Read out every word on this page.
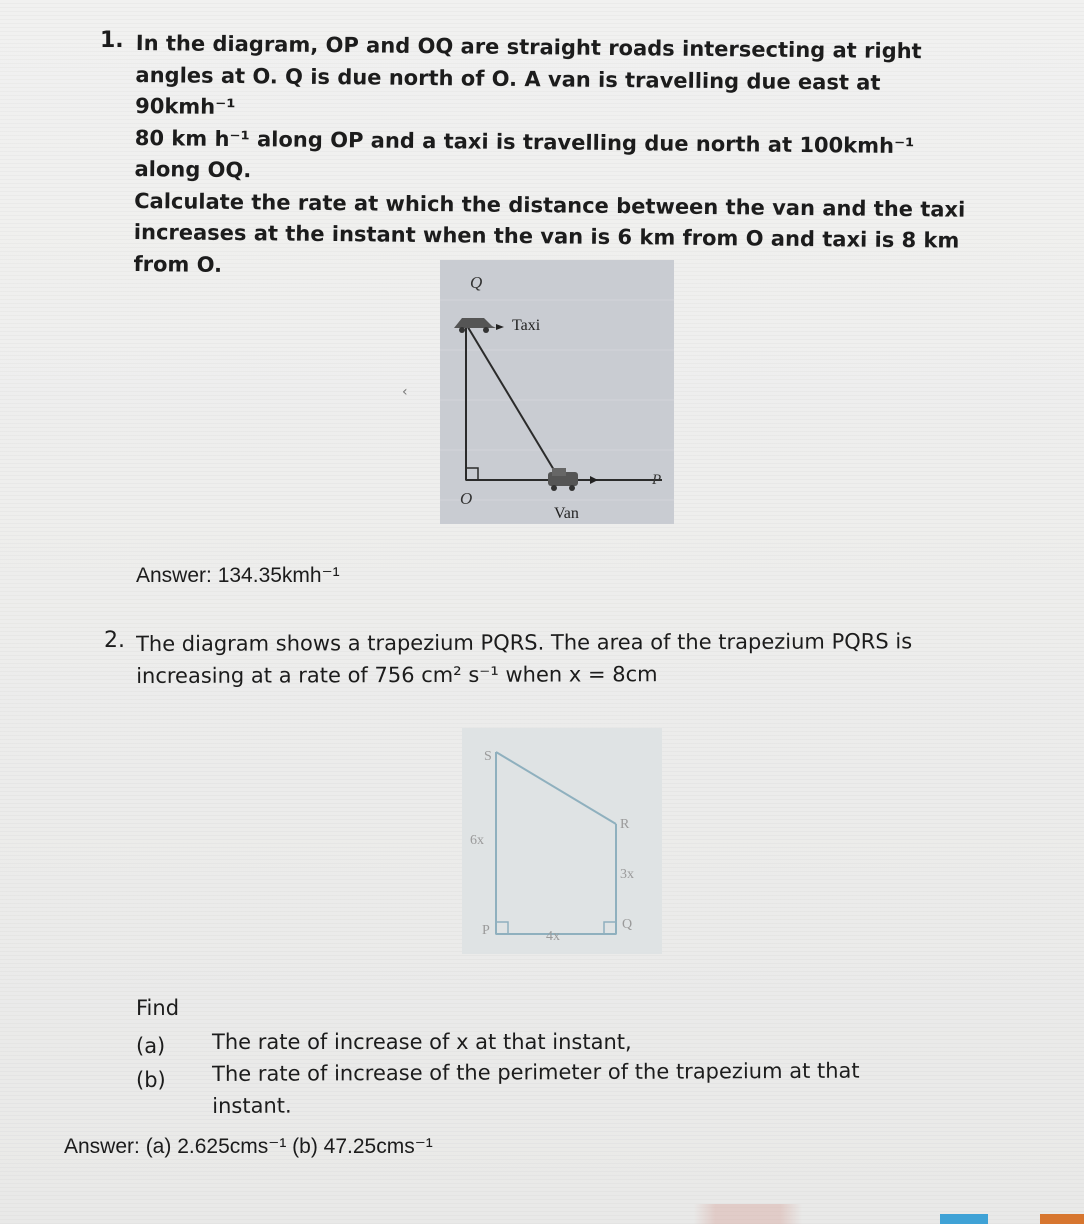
1. In the diagram, OP and OQ are straight roads intersecting at right
angles at O. Q is due north of O. A van is travelling due east at 90kmh⁻¹
80 km h⁻¹ along OP and a taxi is travelling due north at 100kmh⁻¹ along OQ.
Calculate the rate at which the distance between the van and the taxi
increases at the instant when the van is 6 km from O and taxi is 8 km
from O.
‹
Q
Taxi
O
P
Van
Answer: 134.35kmh⁻¹
2. The diagram shows a trapezium PQRS. The area of the trapezium PQRS is
increasing at a rate of 756 cm² s⁻¹ when x = 8cm
S
R
P	Q
6x
3x
4x
Find
(a) The rate of increase of x at that instant,
(b) The rate of increase of the perimeter of the trapezium at that
instant.
Answer: (a) 2.625cms⁻¹ (b) 47.25cms⁻¹
